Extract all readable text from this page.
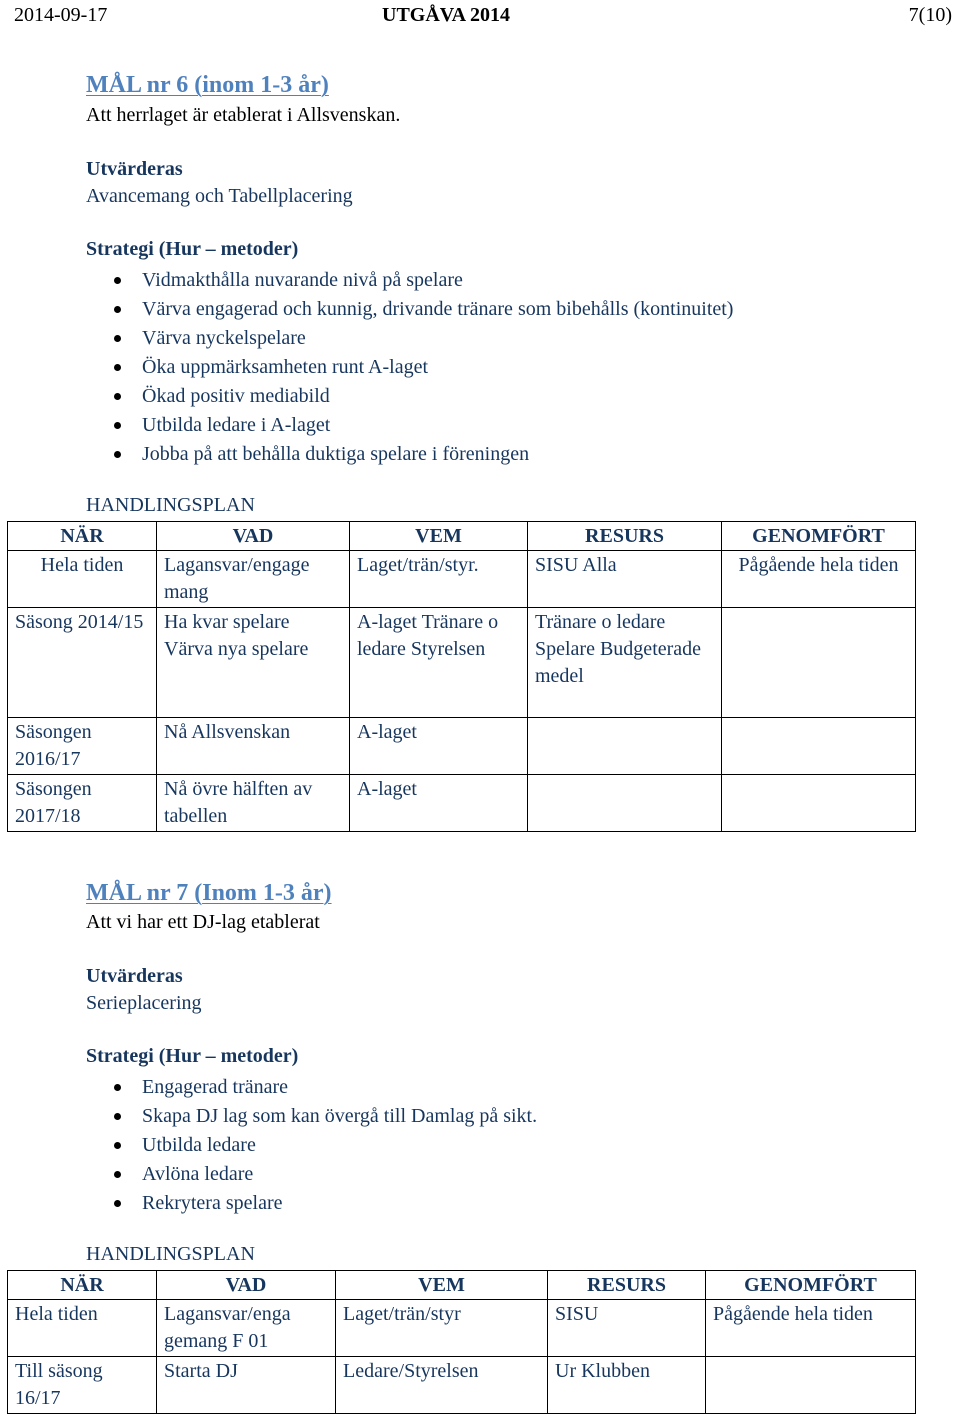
2014-09-17	UTGÅVA 2014	7(10)
MÅL nr 6 (inom 1-3 år)
Att herrlaget är etablerat i Allsvenskan.
Utvärderas
Avancemang och Tabellplacering
Strategi (Hur – metoder)
Vidmakthålla nuvarande nivå på spelare
Värva engagerad och kunnig, drivande tränare som bibehålls (kontinuitet)
Värva nyckelspelare
Öka uppmärksamheten runt A-laget
Ökad positiv mediabild
Utbilda ledare i A-laget
Jobba på att behålla duktiga spelare i föreningen
HANDLINGSPLAN
NÄR	VAD	VEM	RESURS	GENOMFÖRT
Hela tiden	Lagansvar/engage mang	Laget/trän/styr.	SISU Alla	Pågående hela tiden
Säsong 2014/15	Ha kvar spelare Värva nya spelare	A-laget Tränare o ledare Styrelsen	Tränare o ledare Spelare Budgeterade medel	
Säsongen 2016/17	Nå Allsvenskan	A-laget		
Säsongen 2017/18	Nå övre hälften av tabellen	A-laget		
MÅL nr 7 (Inom 1-3 år)
Att vi har ett DJ-lag etablerat
Utvärderas
Serieplacering
Strategi (Hur – metoder)
Engagerad tränare
Skapa DJ lag som kan övergå till Damlag på sikt.
Utbilda ledare
Avlöna ledare
Rekrytera spelare
HANDLINGSPLAN
NÄR	VAD	VEM	RESURS	GENOMFÖRT
Hela tiden	Lagansvar/enga gemang F 01	Laget/trän/styr	SISU	Pågående hela tiden
Till säsong 16/17	Starta DJ	Ledare/Styrelsen	Ur Klubben	
